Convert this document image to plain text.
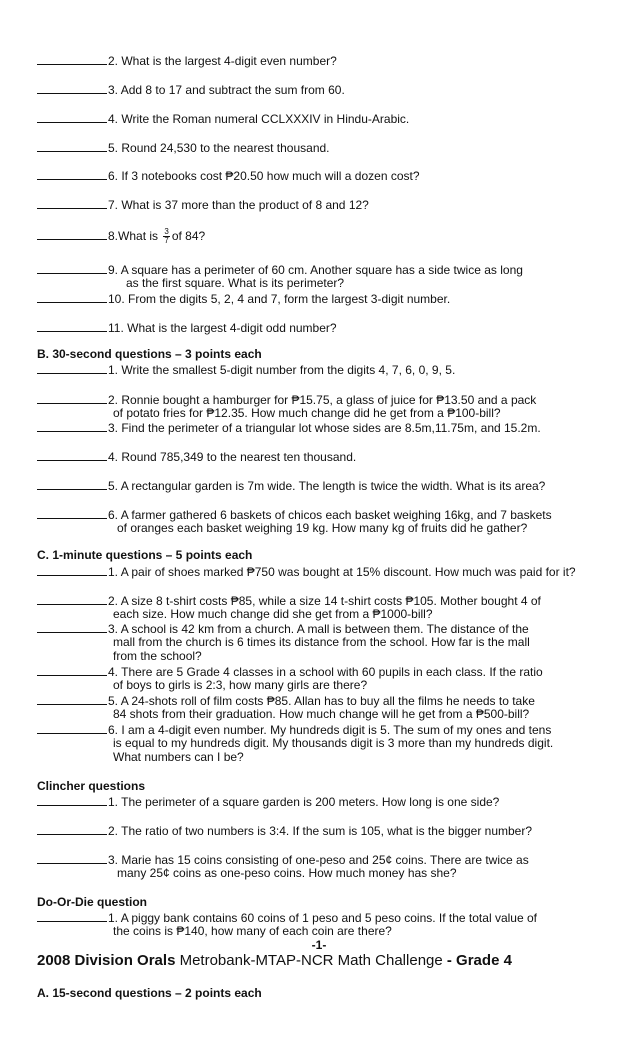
2. What is the largest 4-digit even number?
3. Add 8 to 17 and subtract the sum from 60.
4. Write the Roman numeral CCLXXXIV in Hindu-Arabic.
5. Round 24,530 to the nearest thousand.
6. If 3 notebooks cost ₱20.50 how much will a dozen cost?
7. What is 37 more than the product of 8 and 12?
8.What is $\frac{3}{7}$ of 84?
9. A square has a perimeter of 60 cm. Another square has a side twice as long
as the first square. What is its perimeter?
10. From the digits 5, 2, 4 and 7, form the largest 3-digit number.
11. What is the largest 4-digit odd number?
B. 30-second questions – 3 points each
1. Write the smallest 5-digit number from the digits 4, 7, 6, 0, 9, 5.
2. Ronnie bought a hamburger for ₱15.75, a glass of juice for ₱13.50 and a pack
of potato fries for ₱12.35. How much change did he get from a ₱100-bill?
3. Find the perimeter of a triangular lot whose sides are 8.5m,11.75m, and 15.2m.
4. Round 785,349 to the nearest ten thousand.
5. A rectangular garden is 7m wide. The length is twice the width. What is its area?
6. A farmer gathered 6 baskets of chicos each basket weighing 16kg, and 7 baskets
of oranges each basket weighing 19 kg. How many kg of fruits did he gather?
C. 1-minute questions – 5 points each
1. A pair of shoes marked ₱750 was bought at 15% discount. How much was paid for it?
2. A size 8 t-shirt costs ₱85, while a size 14 t-shirt costs ₱105. Mother bought 4 of
each size. How much change did she get from a ₱1000-bill?
3. A school is 42 km from a church. A mall is between them. The distance of the
mall from the church is 6 times its distance from the school. How far is the mall
from the school?
4. There are 5 Grade 4 classes in a school with 60 pupils in each class. If the ratio
of boys to girls is 2:3, how many girls are there?
5. A 24-shots roll of film costs ₱85. Allan has to buy all the films he needs to take
84 shots from their graduation. How much change will he get from a ₱500-bill?
6. I am a 4-digit even number. My hundreds digit is 5. The sum of my ones and tens
is equal to my hundreds digit. My thousands digit is 3 more than my hundreds digit.
What numbers can I be?
Clincher questions
1. The perimeter of a square garden is 200 meters. How long is one side?
2. The ratio of two numbers is 3:4. If the sum is 105, what is the bigger number?
3. Marie has 15 coins consisting of one-peso and 25¢ coins. There are twice as
many 25¢ coins as one-peso coins. How much money has she?
Do-Or-Die question
1. A piggy bank contains 60 coins of 1 peso and 5 peso coins. If the total value of
the coins is ₱140, how many of each coin are there?
-1-
2008 Division Orals Metrobank-MTAP-NCR Math Challenge - Grade 4
A. 15-second questions – 2 points each
